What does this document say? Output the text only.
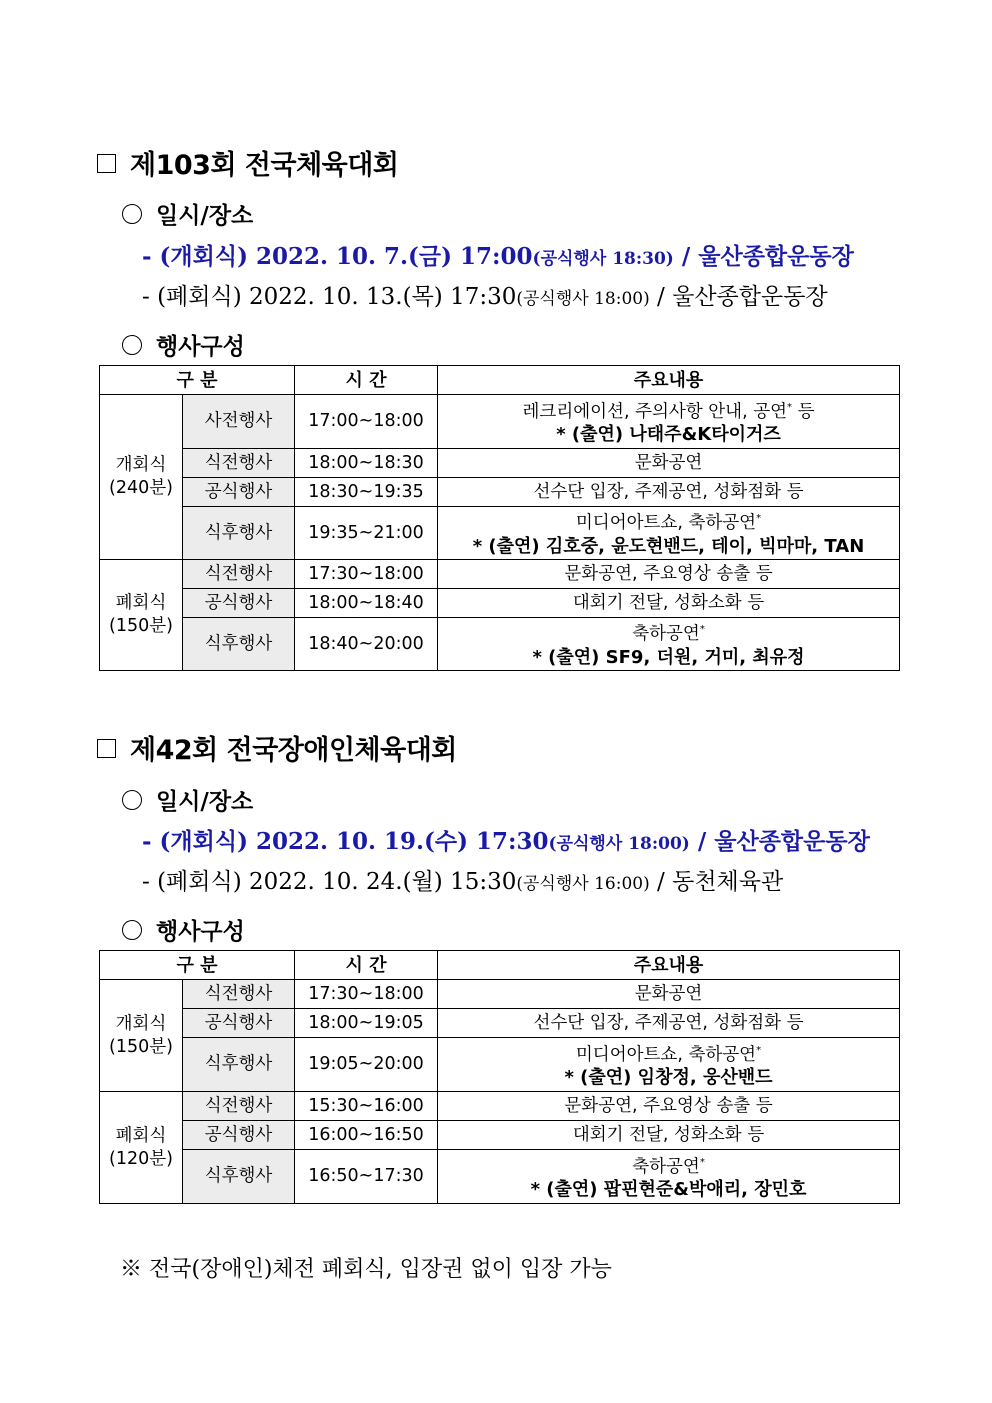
제103회 전국체육대회
일시/장소
- (개회식) 2022. 10. 7.(금) 17:00(공식행사 18:30) / 울산종합운동장
- (폐회식) 2022. 10. 13.(목) 17:30(공식행사 18:00) / 울산종합운동장
행사구성
구 분		시 간	주요내용
개회식
(240분)	사전행사	17:00~18:00	레크리에이션, 주의사항 안내, 공연* 등
* (출연) 나태주&K타이거즈
	식전행사	18:00~18:30	문화공연
	공식행사	18:30~19:35	선수단 입장, 주제공연, 성화점화 등
	식후행사	19:35~21:00	미디어아트쇼, 축하공연*
* (출연) 김호중, 윤도현밴드, 테이, 빅마마, TAN
폐회식
(150분)	식전행사	17:30~18:00	문화공연, 주요영상 송출 등
	공식행사	18:00~18:40	대회기 전달, 성화소화 등
	식후행사	18:40~20:00	축하공연*
* (출연) SF9, 더원, 거미, 최유정
제42회 전국장애인체육대회
일시/장소
- (개회식) 2022. 10. 19.(수) 17:30(공식행사 18:00) / 울산종합운동장
- (폐회식) 2022. 10. 24.(월) 15:30(공식행사 16:00) / 동천체육관
행사구성
구 분		시 간	주요내용
개회식
(150분)	식전행사	17:30~18:00	문화공연
	공식행사	18:00~19:05	선수단 입장, 주제공연, 성화점화 등
	식후행사	19:05~20:00	미디어아트쇼, 축하공연*
* (출연) 임창정, 웅산밴드
폐회식
(120분)	식전행사	15:30~16:00	문화공연, 주요영상 송출 등
	공식행사	16:00~16:50	대회기 전달, 성화소화 등
	식후행사	16:50~17:30	축하공연*
* (출연) 팝핀현준&박애리, 장민호
※ 전국(장애인)체전 폐회식, 입장권 없이 입장 가능
